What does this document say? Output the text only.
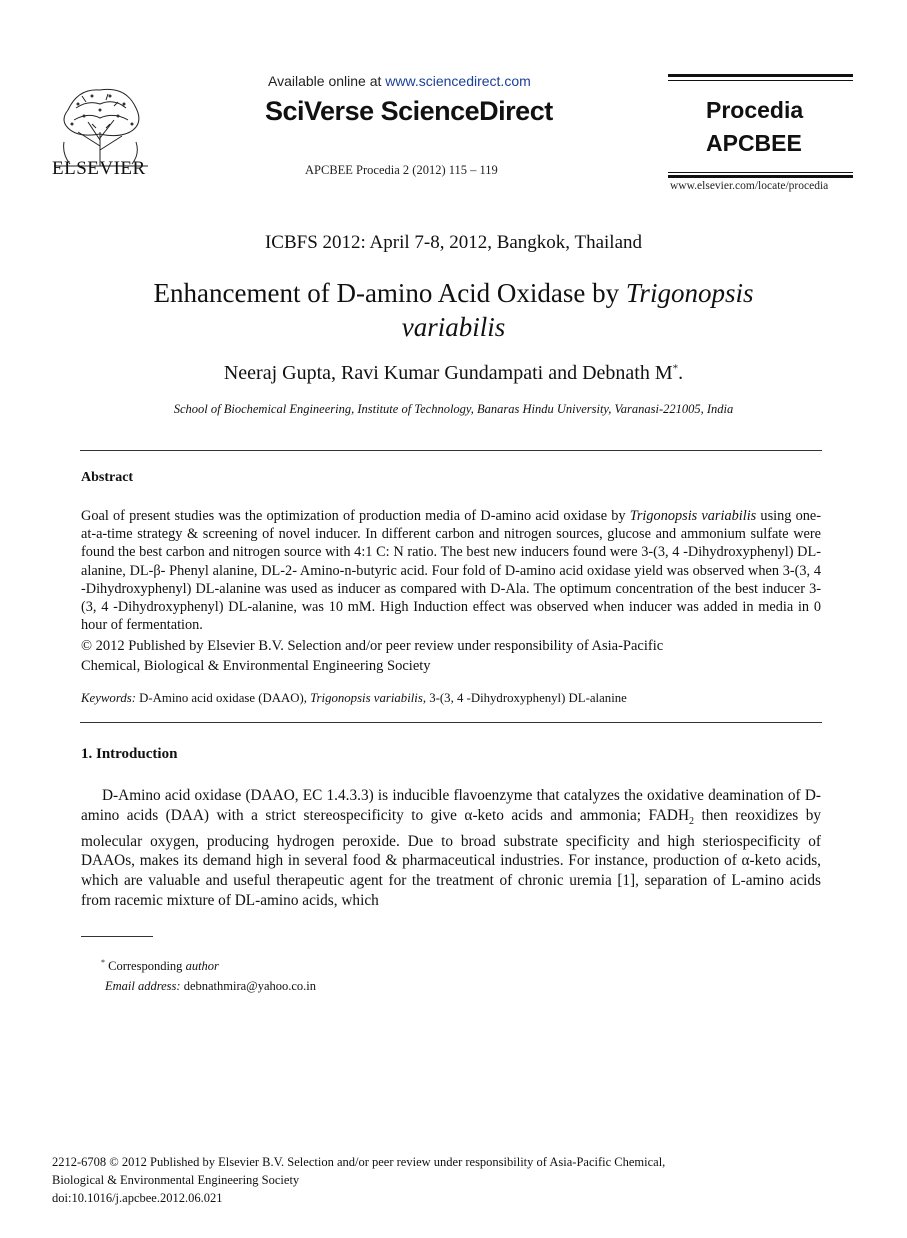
ELSEVIER
Available online at www.sciencedirect.com
SciVerse ScienceDirect
APCBEE Procedia 2 (2012) 115 – 119
Procedia
APCBEE
www.elsevier.com/locate/procedia
ICBFS 2012: April 7-8, 2012, Bangkok, Thailand
Enhancement of D-amino Acid Oxidase by Trigonopsis
variabilis
Neeraj Gupta, Ravi Kumar Gundampati and Debnath M*.
School of Biochemical Engineering, Institute of Technology, Banaras Hindu University, Varanasi-221005, India
Abstract

Goal of present studies was the optimization of production media of D-amino acid oxidase by Trigonopsis variabilis using one-at-a-time strategy & screening of novel inducer. In different carbon and nitrogen sources, glucose and ammonium sulfate were found the best carbon and nitrogen source with 4:1 C: N ratio. The best new inducers found were 3-(3, 4 -Dihydroxyphenyl) DL-alanine, DL-β- Phenyl alanine, DL-2- Amino-n-butyric acid. Four fold of D-amino acid oxidase yield was observed when 3-(3, 4 -Dihydroxyphenyl) DL-alanine was used as inducer as compared with D-Ala. The optimum concentration of the best inducer 3-(3, 4 -Dihydroxyphenyl) DL-alanine, was 10 mM. High Induction effect was observed when inducer was added in media in 0 hour of fermentation.

© 2012 Published by Elsevier B.V. Selection and/or peer review under responsibility of Asia-Pacific
Chemical, Biological & Environmental Engineering Society
Keywords: D-Amino acid oxidase (DAAO), Trigonopsis variabilis, 3-(3, 4 -Dihydroxyphenyl) DL-alanine
1. Introduction

D-Amino acid oxidase (DAAO, EC 1.4.3.3) is inducible flavoenzyme that catalyzes the oxidative deamination of D-amino acids (DAA) with a strict stereospecificity to give α-keto acids and ammonia; $FADH_2$ then reoxidizes by molecular oxygen, producing hydrogen peroxide. Due to broad substrate specificity and high steriospecificity of DAAOs, makes its demand high in several food & pharmaceutical industries. For instance, production of α-keto acids, which are valuable and useful therapeutic agent for the treatment of chronic uremia [1], separation of L-amino acids from racemic mixture of DL-amino acids, which

* Corresponding author
Email address: debnathmira@yahoo.co.in
2212-6708 © 2012 Published by Elsevier B.V. Selection and/or peer review under responsibility of Asia-Pacific Chemical,
Biological & Environmental Engineering Society
doi:10.1016/j.apcbee.2012.06.021
